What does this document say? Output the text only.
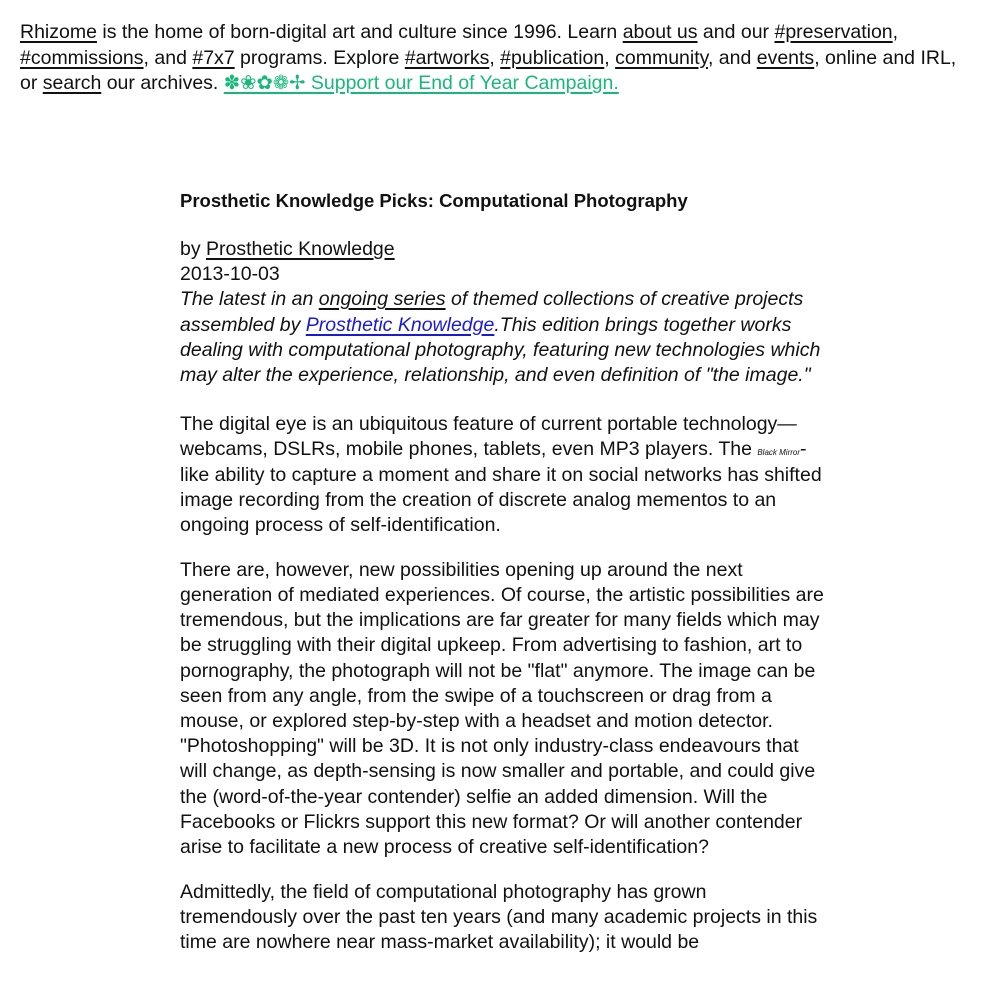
Rhizome is the home of born-digital art and culture since 1996. Learn about us and our #preservation, #commissions, and #7x7 programs. Explore #artworks, #publication, community, and events, online and IRL, or search our archives. ✽❀✿❁✢ Support our End of Year Campaign.
Prosthetic Knowledge Picks: Computational Photography

by Prosthetic Knowledge

2013-10-03

The latest in an ongoing series of themed collections of creative projects assembled by Prosthetic Knowledge.This edition brings together works dealing with computational photography, featuring new technologies which may alter the experience, relationship, and even definition of "the image."

The digital eye is an ubiquitous feature of current portable technology—webcams, DSLRs, mobile phones, tablets, even MP3 players. The Black Mirror-like ability to capture a moment and share it on social networks has shifted image recording from the creation of discrete analog mementos to an ongoing process of self-identification.

There are, however, new possibilities opening up around the next generation of mediated experiences. Of course, the artistic possibilities are tremendous, but the implications are far greater for many fields which may be struggling with their digital upkeep. From advertising to fashion, art to pornography, the photograph will not be "flat" anymore. The image can be seen from any angle, from the swipe of a touchscreen or drag from a mouse, or explored step-by-step with a headset and motion detector. "Photoshopping" will be 3D. It is not only industry-class endeavours that will change, as depth-sensing is now smaller and portable, and could give the (word-of-the-year contender) selfie an added dimension. Will the Facebooks or Flickrs support this new format? Or will another contender arise to facilitate a new process of creative self-identification?

Admittedly, the field of computational photography has grown tremendously over the past ten years (and many academic projects in this time are nowhere near mass-market availability); it would be
